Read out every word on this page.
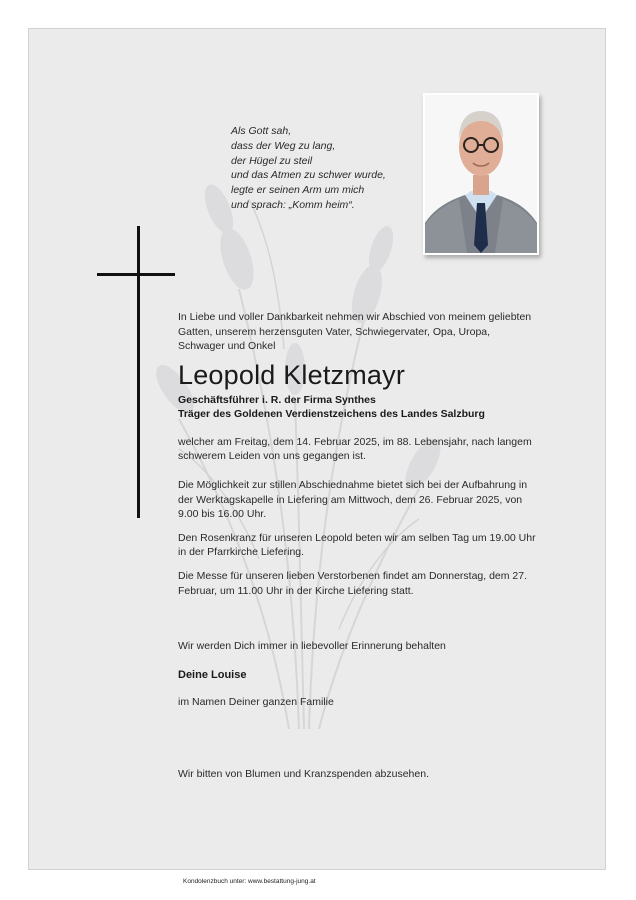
Als Gott sah,
dass der Weg zu lang,
der Hügel zu steil
und das Atmen zu schwer wurde,
legte er seinen Arm um mich
und sprach: „Komm heim“.
In Liebe und voller Dankbarkeit nehmen wir Abschied von meinem geliebten Gatten, unserem herzensguten Vater, Schwiegervater, Opa, Uropa, Schwager und Onkel
Leopold Kletzmayr
Geschäftsführer i. R. der Firma Synthes
Träger des Goldenen Verdienstzeichens des Landes Salzburg
welcher am Freitag, dem 14. Februar 2025, im 88. Lebensjahr, nach langem schwerem Leiden von uns gegangen ist.
Die Möglichkeit zur stillen Abschiednahme bietet sich bei der Aufbahrung in der Werktagskapelle in Liefering am Mittwoch, dem 26. Februar 2025, von 9.00 bis 16.00 Uhr.
Den Rosenkranz für unseren Leopold beten wir am selben Tag um 19.00 Uhr in der Pfarrkirche Liefering.
Die Messe für unseren lieben Verstorbenen findet am Donnerstag, dem 27. Februar, um 11.00 Uhr in der Kirche Liefering statt.
Wir werden Dich immer in liebevoller Erinnerung behalten
Deine Louise
im Namen Deiner ganzen Familie
Wir bitten von Blumen und Kranzspenden abzusehen.
Kondolenzbuch unter: www.bestattung-jung.at
